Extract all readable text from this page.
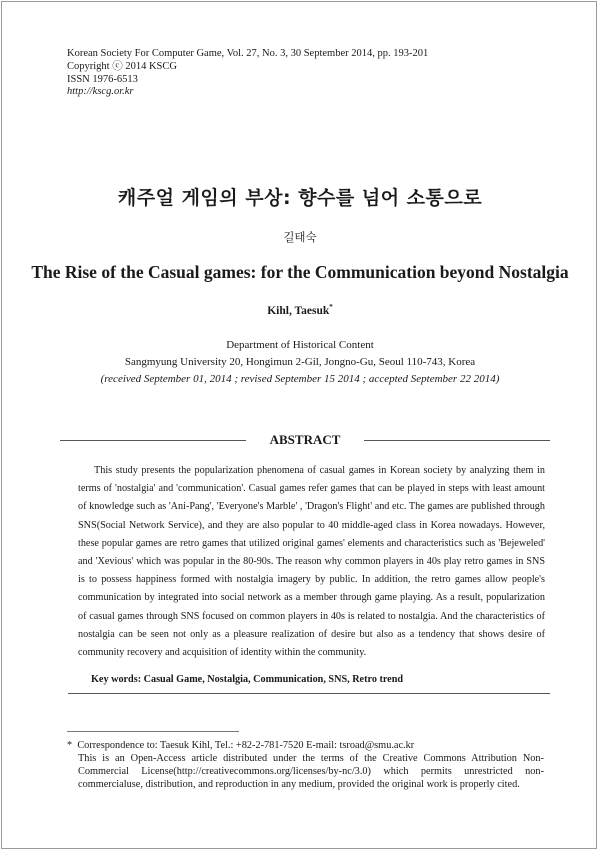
Korean Society For Computer Game, Vol. 27, No. 3, 30 September 2014, pp. 193-201
Copyright ⓒ 2014 KSCG
ISSN 1976-6513
http://kscg.or.kr
캐주얼 게임의 부상: 향수를 넘어 소통으로
길태숙
The Rise of the Casual games: for the Communication beyond Nostalgia
Kihl, Taesuk*
Department of Historical Content
Sangmyung University 20, Hongimun 2-Gil, Jongno-Gu, Seoul 110-743, Korea
(received September 01, 2014 ; revised September 15 2014 ; accepted September 22 2014)
ABSTRACT
This study presents the popularization phenomena of casual games in Korean society by analyzing them in terms of 'nostalgia' and 'communication'. Casual games refer games that can be played in steps with least amount of knowledge such as 'Ani-Pang', 'Everyone's Marble' , 'Dragon's Flight' and etc. The games are published through SNS(Social Network Service), and they are also popular to 40 middle-aged class in Korea nowadays. However, these popular games are retro games that utilized original games' elements and characteristics such as 'Bejeweled' and 'Xevious' which was popular in the 80-90s. The reason why common players in 40s play retro games in SNS is to possess happiness formed with nostalgia imagery by public. In addition, the retro games allow people's communication by integrated into social network as a member through game playing. As a result, popularization of casual games through SNS focused on common players in 40s is related to nostalgia. And the characteristics of nostalgia can be seen not only as a pleasure realization of desire but also as a tendency that shows desire of community recovery and acquisition of identity within the community.
Key words: Casual Game, Nostalgia, Communication, SNS, Retro trend
* Correspondence to: Taesuk Kihl, Tel.: +82-2-781-7520 E-mail: tsroad@smu.ac.kr
This is an Open-Access article distributed under the terms of the Creative Commons Attribution Non-Commercial License(http://creativecommons.org/licenses/by-nc/3.0) which permits unrestricted non-commercialuse, distribution, and reproduction in any medium, provided the original work is properly cited.
